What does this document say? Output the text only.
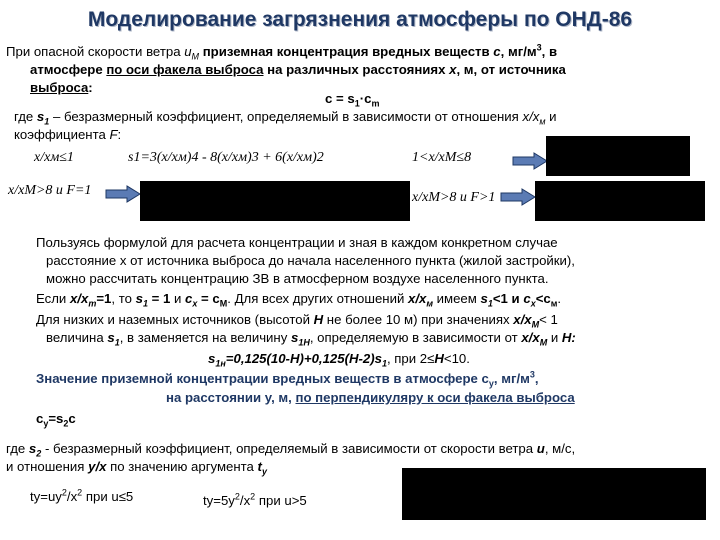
Моделирование загрязнения атмосферы по ОНД-86
При опасной скорости ветра $u_M$ приземная концентрация вредных веществ с, $мг/м^3$, в
атмосфере по оси факела выброса на различных расстояниях х, м, от источника
выброса:
$с = s_1\cdot c_m$
где $s_1$ – безразмерный коэффициент, определяемый в зависимости от отношения $x/x_м$ и
коэффициента F:
x/xм≤1	s1=3(x/xм)4 - 8(x/xм)3 + 6(x/xм)2	1<x/xM≤8
x/xM>8 и F=1	x/xM>8 и F>1
Пользуясь формулой для расчета концентрации и зная в каждом конкретном случае
расстояние х от источника выброса до начала населенного пункта (жилой застройки),
можно рассчитать концентрацию ЗВ в атмосферном воздухе населенного пункта.
Если $x/x_m=1$, то $s_1 = 1$ и $с_x = с_M$. Для всех других отношений $x/x_м$ имеем $s_1<1$ и $с_x<c_м$.
Для низких и наземных источников (высотой Н не более 10 м) при значениях $x/x_M< 1$
величина $s_1$, в заменяется на величину $s_{1Н}$, определяемую в зависимости от $x/x_M$ и Н:
$s_{1н}=0,125(10-H)+0,125(H-2)s_1$, при 2≤Н<10.
Значение приземной концентрации вредных веществ в атмосфере $с_y$, $мг/м^3$,
на расстоянии у, м, по перпендикуляру к оси факела выброса
$с_y=s_2с$
где $s_2$ - безразмерный коэффициент, определяемый в зависимости от скорости ветра u, м/с,
и отношения y/x по значению аргумента $t_y$
$ty=uy^2/x^2$ при u≤5	$ty=5y^2/x^2$ при u>5
